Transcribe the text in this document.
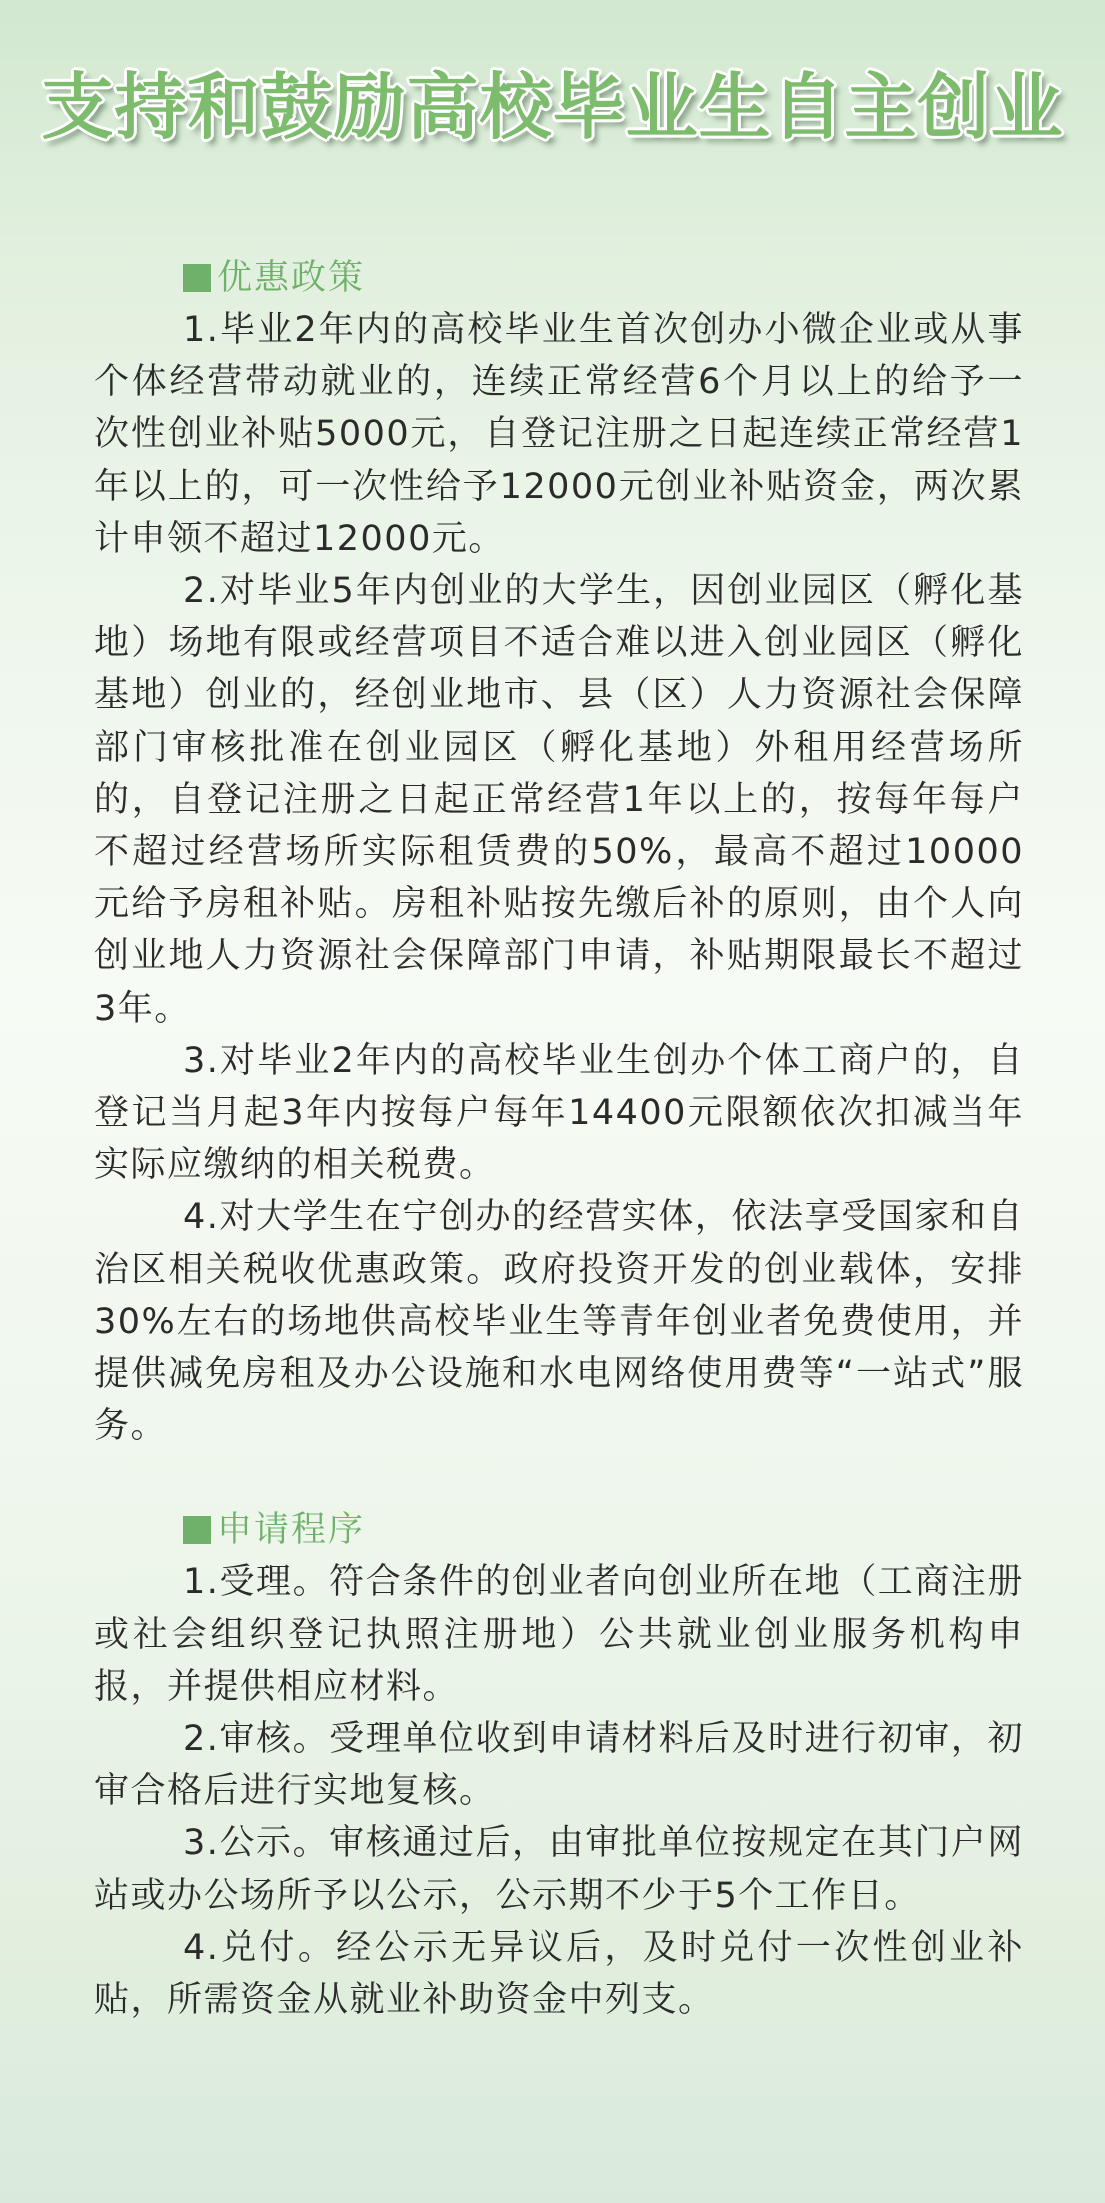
支持和鼓励高校毕业生自主创业
优惠政策

1.毕业2年内的高校毕业生首次创办小微企业或从事个体经营带动就业的，连续正常经营6个月以上的给予一次性创业补贴5000元，自登记注册之日起连续正常经营1年以上的，可一次性给予12000元创业补贴资金，两次累计申领不超过12000元。

2.对毕业5年内创业的大学生，因创业园区（孵化基地）场地有限或经营项目不适合难以进入创业园区（孵化基地）创业的，经创业地市、县（区）人力资源社会保障部门审核批准在创业园区（孵化基地）外租用经营场所的，自登记注册之日起正常经营1年以上的，按每年每户不超过经营场所实际租赁费的50%，最高不超过10000元给予房租补贴。房租补贴按先缴后补的原则，由个人向创业地人力资源社会保障部门申请，补贴期限最长不超过3年。

3.对毕业2年内的高校毕业生创办个体工商户的，自登记当月起3年内按每户每年14400元限额依次扣减当年实际应缴纳的相关税费。

4.对大学生在宁创办的经营实体，依法享受国家和自治区相关税收优惠政策。政府投资开发的创业载体，安排30%左右的场地供高校毕业生等青年创业者免费使用，并提供减免房租及办公设施和水电网络使用费等“一站式”服务。

申请程序

1.受理。符合条件的创业者向创业所在地（工商注册或社会组织登记执照注册地）公共就业创业服务机构申报，并提供相应材料。

2.审核。受理单位收到申请材料后及时进行初审，初审合格后进行实地复核。

3.公示。审核通过后，由审批单位按规定在其门户网站或办公场所予以公示，公示期不少于5个工作日。

4.兑付。经公示无异议后，及时兑付一次性创业补贴，所需资金从就业补助资金中列支。
